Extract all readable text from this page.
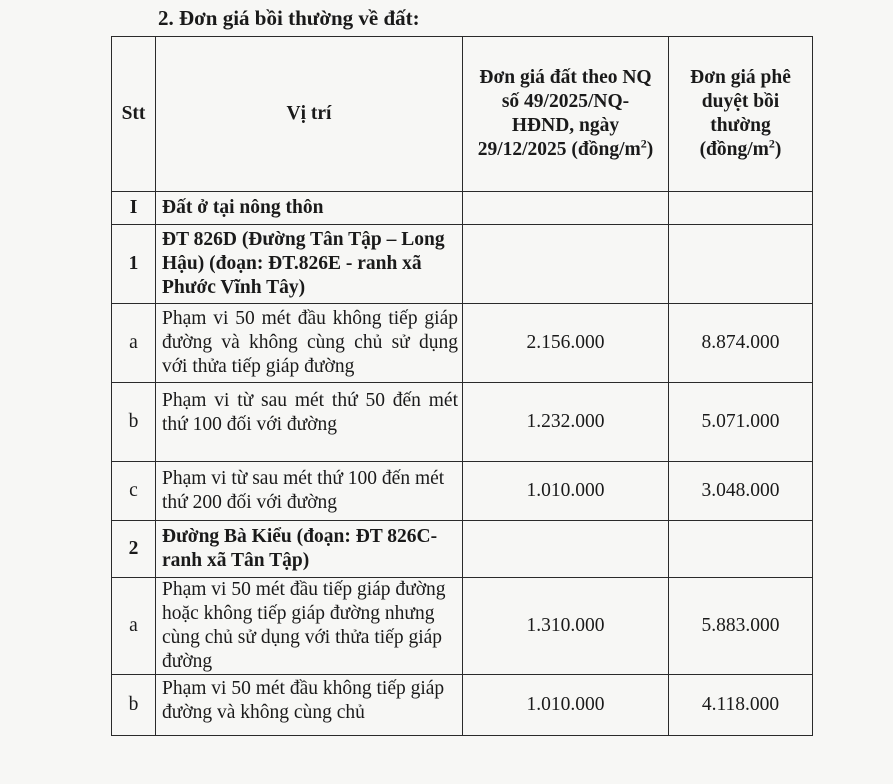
2. Đơn giá bồi thường về đất:
Stt	Vị trí	Đơn giá đất theo NQ số 49/2025/NQ-HĐND, ngày 29/12/2025 $(đồng/m^2)$	Đơn giá phê duyệt bồi thường $(đồng/m^2)$
I	Đất ở tại nông thôn		
1	ĐT 826D (Đường Tân Tập – Long Hậu) (đoạn: ĐT.826E - ranh xã Phước Vĩnh Tây)		
a	Phạm vi 50 mét đầu không tiếp giáp đường và không cùng chủ sử dụng với thửa tiếp giáp đường	2.156.000	8.874.000
b	Phạm vi từ sau mét thứ 50 đến mét thứ 100 đối với đường	1.232.000	5.071.000
c	Phạm vi từ sau mét thứ 100 đến mét thứ 200 đối với đường	1.010.000	3.048.000
2	Đường Bà Kiểu (đoạn: ĐT 826C-ranh xã Tân Tập)		
a	Phạm vi 50 mét đầu tiếp giáp đường hoặc không tiếp giáp đường nhưng cùng chủ sử dụng với thửa tiếp giáp đường	1.310.000	5.883.000
b	Phạm vi 50 mét đầu không tiếp giáp đường và không cùng chủ	1.010.000	4.118.000
